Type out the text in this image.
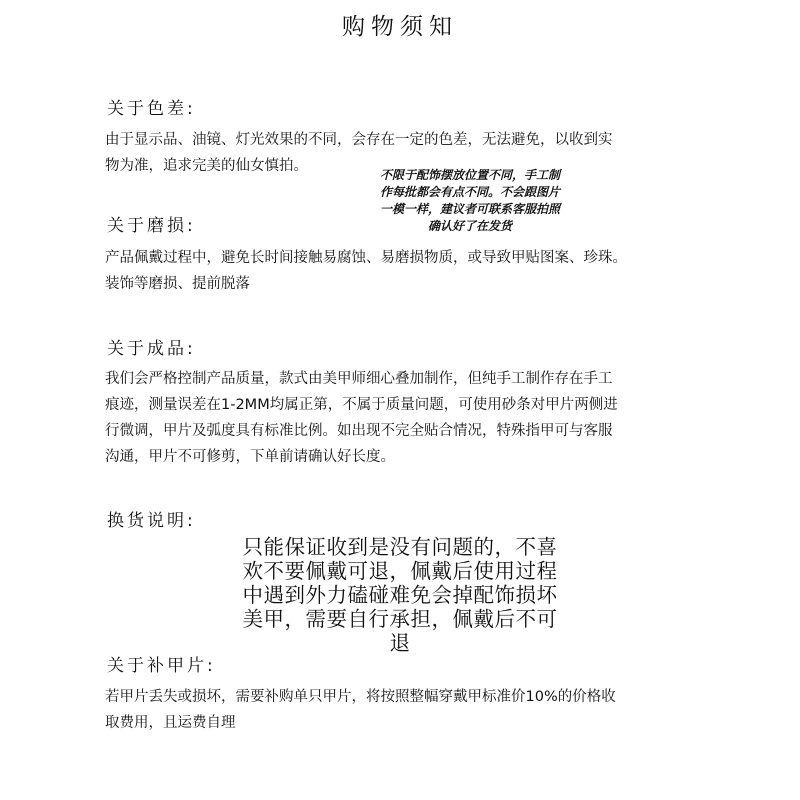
购物须知
关于色差:
由于显示品、油镜、灯光效果的不同，会存在一定的色差，无法避免，以收到实
物为准，追求完美的仙女慎拍。
不限于配饰摆放位置不同，手工制
作每批都会有点不同。不会跟图片
一模一样，建议者可联系客服拍照
确认好了在发货
关于磨损:
产品佩戴过程中，避免长时间接触易腐蚀、易磨损物质，或导致甲贴图案、珍珠。
装饰等磨损、提前脱落
关于成品:
我们会严格控制产品质量，款式由美甲师细心叠加制作，但纯手工制作存在手工
痕迹，测量误差在1-2MM均属正第，不属于质量问题，可使用砂条对甲片两侧进
行微调，甲片及弧度具有标准比例。如出现不完全贴合情况，特殊指甲可与客服
沟通，甲片不可修剪，下单前请确认好长度。
换货说明:
只能保证收到是没有问题的，不喜
欢不要佩戴可退，佩戴后使用过程
中遇到外力磕碰难免会掉配饰损坏
美甲，需要自行承担，佩戴后不可
退
关于补甲片:
若甲片丢失或损坏，需要补购单只甲片，将按照整幅穿戴甲标准价10%的价格收
取费用，且运费自理
